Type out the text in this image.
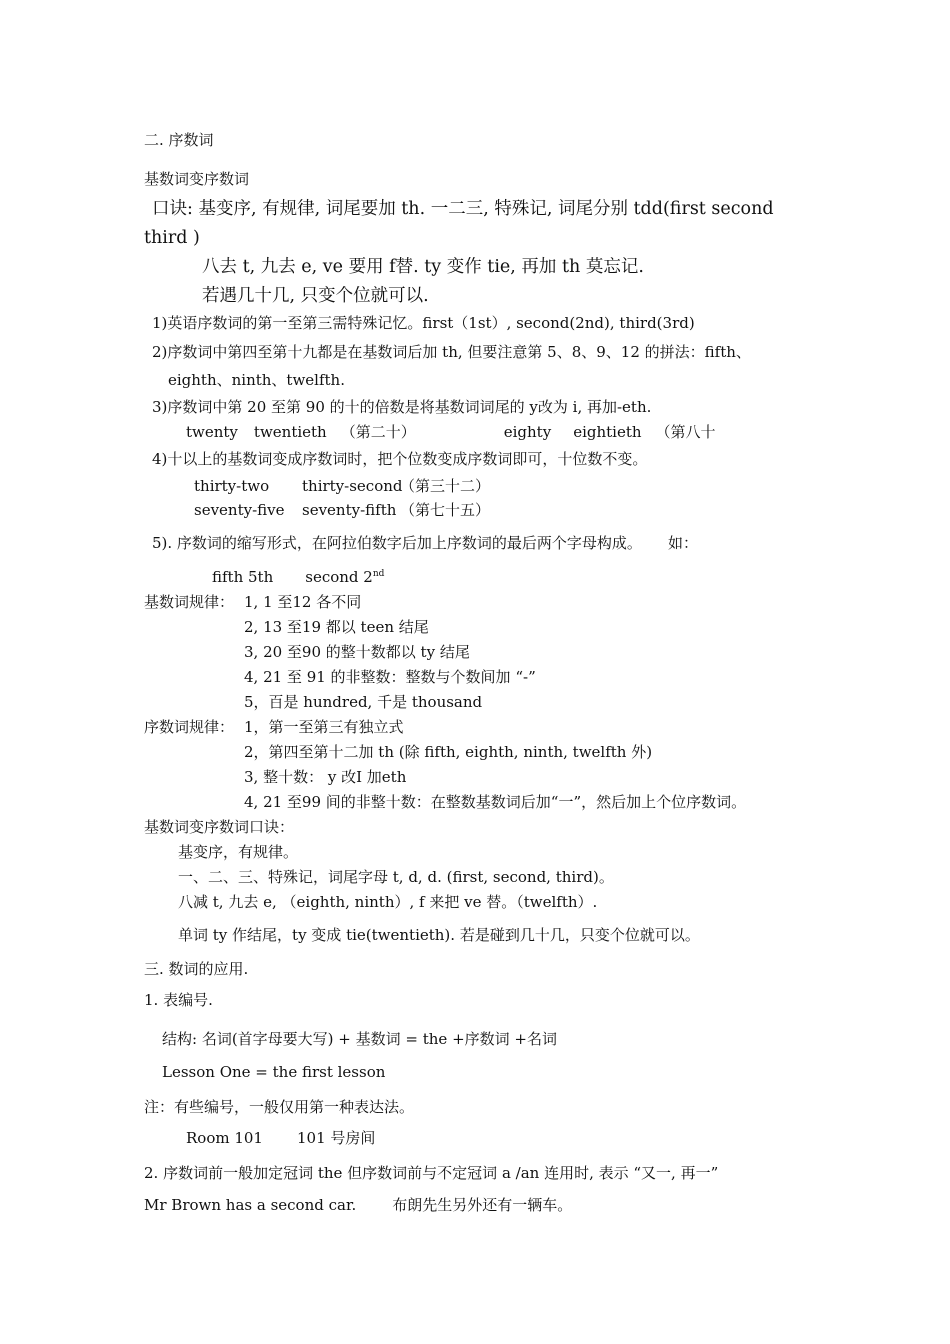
二. 序数词
基数词变序数词
口诀: 基变序, 有规律, 词尾要加 th. 一二三, 特殊记, 词尾分别 tdd(first second
third )
八去 t, 九去 e, ve 要用 f替. ty 变作 tie, 再加 th 莫忘记.
若遇几十几, 只变个位就可以.
1)英语序数词的第一至第三需特殊记忆。first（1st）, second(2nd), third(3rd)
2)序数词中第四至第十九都是在基数词后加 th, 但要注意第 5、8、9、12 的拼法：fifth、
eighth、ninth、twelfth.
3)序数词中第 20 至第 90 的十的倍数是将基数词词尾的 y改为 i, 再加-eth.
twenty twentieth （第二十）	eighty eightieth （第八十
4)十以上的基数词变成序数词时，把个位数变成序数词即可，十位数不变。
thirty-two thirty-second（第三十二）
seventy-five seventy-fifth （第七十五）
5). 序数词的缩写形式，在阿拉伯数字后加上序数词的最后两个字母构成。 如：
fifth 5th second 2nd
基数词规律： 1, 1 至12 各不同
2, 13 至19 都以 teen 结尾
3, 20 至90 的整十数都以 ty 结尾
4, 21 至 91 的非整数：整数与个数间加 “-”
5，百是 hundred, 千是 thousand
序数词规律： 1，第一至第三有独立式
2，第四至第十二加 th (除 fifth, eighth, ninth, twelfth 外)
3, 整十数： y 改I 加eth
4, 21 至99 间的非整十数：在整数基数词后加“一”，然后加上个位序数词。
基数词变序数词口诀：
基变序，有规律。
一、二、三、特殊记，词尾字母 t, d, d. (first, second, third)。
八减 t, 九去 e, （eighth, ninth）, f 来把 ve 替。（twelfth）.
单词 ty 作结尾，ty 变成 tie(twentieth). 若是碰到几十几，只变个位就可以。
三. 数词的应用.
1. 表编号.
结构: 名词(首字母要大写) + 基数词 = the +序数词 +名词
Lesson One = the first lesson
注：有些编号，一般仅用第一种表达法。
Room 101 101 号房间
2. 序数词前一般加定冠词 the 但序数词前与不定冠词 a /an 连用时, 表示 “又一, 再一”
Mr Brown has a second car. 布朗先生另外还有一辆车。
